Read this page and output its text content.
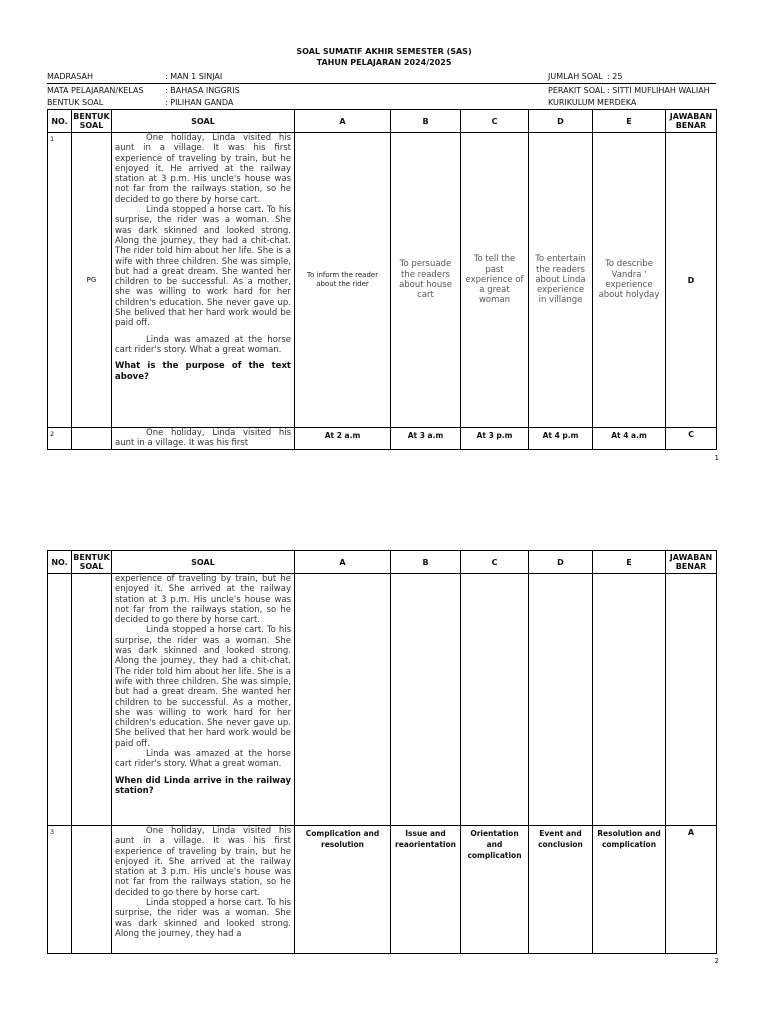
SOAL SUMATIF AKHIR SEMESTER (SAS)
TAHUN PELAJARAN 2024/2025
MADRASAH	: MAN 1 SINJAI	JUMLAH SOAL : 25
MATA PELAJARAN/KELAS	: BAHASA INGGRIS	PERAKIT SOAL : SITTI MUFLIHAH WALIAH
BENTUK SOAL	: PILIHAN GANDA	KURIKULUM MERDEKA
NO.	BENTUK SOAL	SOAL	A	B	C	D	E	JAWABAN BENAR
1	PG	One holiday, Linda visited his aunt in a village. It was his first experience of traveling by train, but he enjoyed it. He arrived at the railway station at 3 p.m. His uncle's house was not far from the railways station, so he decided to go there by horse cart.

Linda stopped a horse cart. To his surprise, the rider was a woman. She was dark skinned and looked strong. Along the journey, they had a chit-chat. The rider told him about her life. She is a wife with three children. She was simple, but had a great dream. She wanted her children to be successful. As a mother, she was willing to work hard for her children's education. She never gave up. She belived that her hard work would be paid off.

Linda was amazed at the horse cart rider's story. What a great woman.

What is the purpose of the text above?	To inform the reader about the rider	To persuade the readers about house cart	To tell the past experience of a great woman	To entertain the readers about Linda experience in villange	To describe Vandra ' experience about holyday	D
2		One holiday, Linda visited his aunt in a village. It was his first	At 2 a.m	At 3 a.m	At 3 p.m	At 4 p.m	At 4 a.m	C
1
NO.	BENTUK SOAL	SOAL	A	B	C	D	E	JAWABAN BENAR

		experience of traveling by train, but he enjoyed it. She arrived at the railway station at 3 p.m. His uncle's house was not far from the railways station, so he decided to go there by horse cart.

Linda stopped a horse cart. To his surprise, the rider was a woman. She was dark skinned and looked strong. Along the journey, they had a chit-chat. The rider told him about her life. She is a wife with three children. She was simple, but had a great dream. She wanted her children to be successful. As a mother, she was willing to work hard for her children's education. She never gave up. She belived that her hard work would be paid off.

Linda was amazed at the horse cart rider's story. What a great woman.

When did Linda arrive in the railway station?						

3		One holiday, Linda visited his aunt in a village. It was his first experience of traveling by train, but he enjoyed it. She arrived at the railway station at 3 p.m. His uncle's house was not far from the railways station, so he decided to go there by horse cart.

Linda stopped a horse cart. To his surprise, the rider was a woman. She was dark skinned and looked strong. Along the journey, they had a	Complication and resolution	Issue and reaorientation	Orientation and complication	Event and conclusion	Resolution and complication	A
2
